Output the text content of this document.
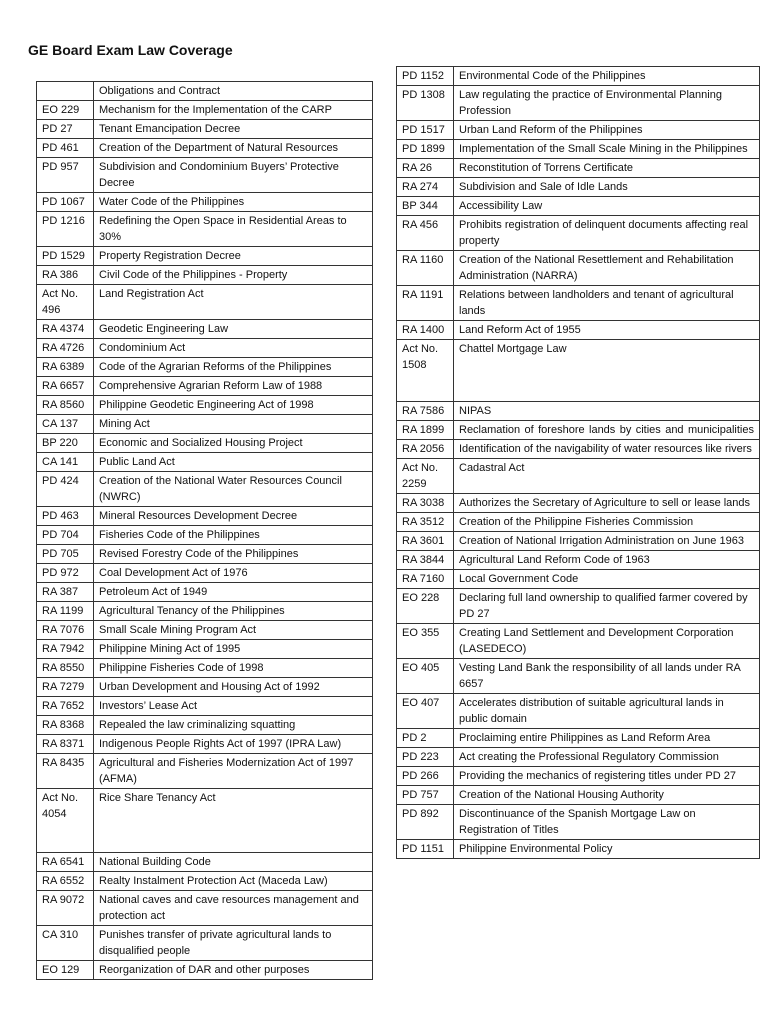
GE Board Exam Law Coverage
	Obligations and Contract
EO 229	Mechanism for the Implementation of the CARP
PD 27	Tenant Emancipation Decree
PD 461	Creation of the Department of Natural Resources
PD 957	Subdivision and Condominium Buyers’ Protective Decree
PD 1067	Water Code of the Philippines
PD 1216	Redefining the Open Space in Residential Areas to 30%
PD 1529	Property Registration Decree
RA 386	Civil Code of the Philippines - Property
Act No. 496	Land Registration Act
RA 4374	Geodetic Engineering Law
RA 4726	Condominium Act
RA 6389	Code of the Agrarian Reforms of the Philippines
RA 6657	Comprehensive Agrarian Reform Law of 1988
RA 8560	Philippine Geodetic Engineering Act of 1998
CA 137	Mining Act
BP 220	Economic and Socialized Housing Project
CA 141	Public Land Act
PD 424	Creation of the National Water Resources Council (NWRC)
PD 463	Mineral Resources Development Decree
PD 704	Fisheries Code of the Philippines
PD 705	Revised Forestry Code of the Philippines
PD 972	Coal Development Act of 1976
RA 387	Petroleum Act of 1949
RA 1199	Agricultural Tenancy of the Philippines
RA 7076	Small Scale Mining Program Act
RA 7942	Philippine Mining Act of 1995
RA 8550	Philippine Fisheries Code of 1998
RA 7279	Urban Development and Housing Act of 1992
RA 7652	Investors’ Lease Act
RA 8368	Repealed the law criminalizing squatting
RA 8371	Indigenous People Rights Act of 1997 (IPRA Law)
RA 8435	Agricultural and Fisheries Modernization Act of 1997 (AFMA)
Act No. 4054	Rice Share Tenancy Act
RA 6541	National Building Code
RA 6552	Realty Instalment Protection Act (Maceda Law)
RA 9072	National caves and cave resources management and protection act
CA 310	Punishes transfer of private agricultural lands to disqualified people
EO 129	Reorganization of DAR and other purposes
PD 1152	Environmental Code of the Philippines
PD 1308	Law regulating the practice of Environmental Planning Profession
PD 1517	Urban Land Reform of the Philippines
PD 1899	Implementation of the Small Scale Mining in the Philippines
RA 26	Reconstitution of Torrens Certificate
RA 274	Subdivision and Sale of Idle Lands
BP 344	Accessibility Law
RA 456	Prohibits registration of delinquent documents affecting real property
RA 1160	Creation of the National Resettlement and Rehabilitation Administration (NARRA)
RA 1191	Relations between landholders and tenant of agricultural lands
RA 1400	Land Reform Act of 1955
Act No. 1508	Chattel Mortgage Law
RA 7586	NIPAS
RA 1899	Reclamation of foreshore lands by cities and municipalities
RA 2056	Identification of the navigability of water resources like rivers
Act No. 2259	Cadastral Act
RA 3038	Authorizes the Secretary of Agriculture to sell or lease lands
RA 3512	Creation of the Philippine Fisheries Commission
RA 3601	Creation of National Irrigation Administration on June 1963
RA 3844	Agricultural Land Reform Code of 1963
RA 7160	Local Government Code
EO 228	Declaring full land ownership to qualified farmer covered by PD 27
EO 355	Creating Land Settlement and Development Corporation (LASEDECO)
EO 405	Vesting Land Bank the responsibility of all lands under RA 6657
EO 407	Accelerates distribution of suitable agricultural lands in public domain
PD 2	Proclaiming entire Philippines as Land Reform Area
PD 223	Act creating the Professional Regulatory Commission
PD 266	Providing the mechanics of registering titles under PD 27
PD 757	Creation of the National Housing Authority
PD 892	Discontinuance of the Spanish Mortgage Law on Registration of Titles
PD 1151	Philippine Environmental Policy
